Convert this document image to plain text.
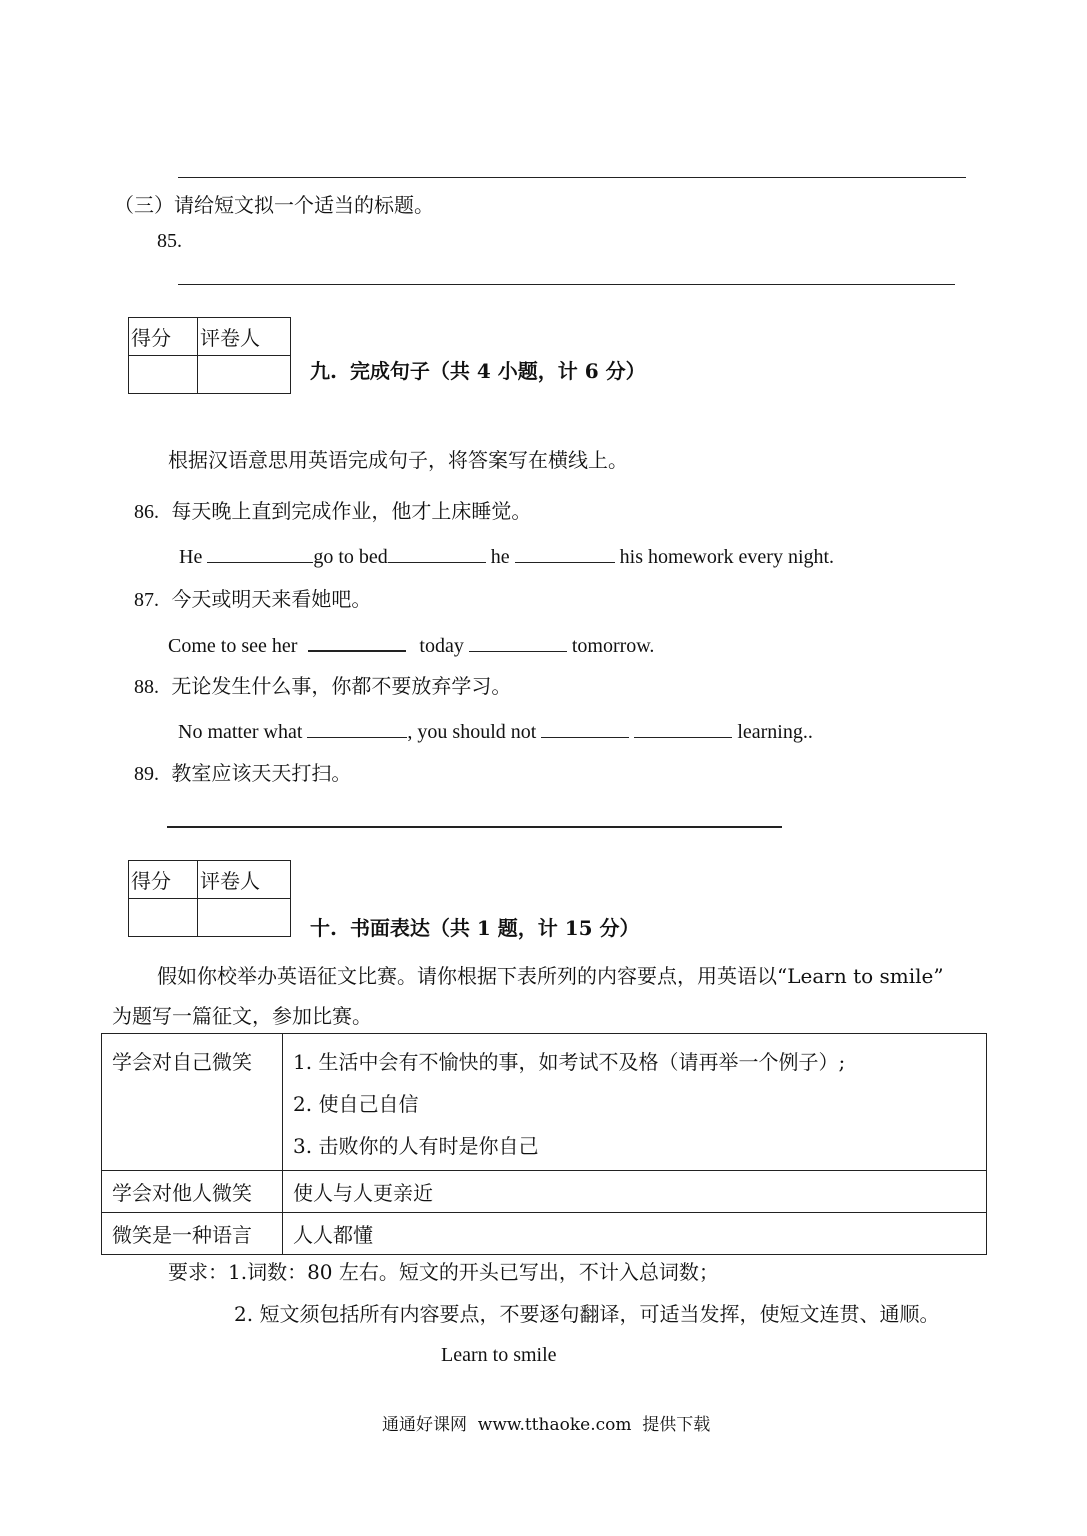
（三）请给短文拟一个适当的标题。
85.
得分	评卷人

九. 完成句子（共 4 小题，计 6 分）
根据汉语意思用英语完成句子，将答案写在横线上。
86. 每天晚上直到完成作业，他才上床睡觉。
He	go to bed	he	his homework every night.
87. 今天或明天来看她吧。
Come to see her	today	tomorrow.
88. 无论发生什么事，你都不要放弃学习。
No matter what	, you should not	learning..
89. 教室应该天天打扫。
得分	评卷人

十. 书面表达（共 1 题，计 15 分）
假如你校举办英语征文比赛。请你根据下表所列的内容要点，用英语以“Learn to smile”
为题写一篇征文，参加比赛。
学会对自己微笑	1. 生活中会有不愉快的事，如考试不及格（请再举一个例子）;
2. 使自己自信
3. 击败你的人有时是你自己

学会对他人微笑	使人与人更亲近
微笑是一种语言	人人都懂
要求：1.词数：80 左右。短文的开头已写出，不计入总词数；
2. 短文须包括所有内容要点，不要逐句翻译，可适当发挥，使短文连贯、通顺。
Learn to smile
通通好课网  www.tthaoke.com  提供下载
